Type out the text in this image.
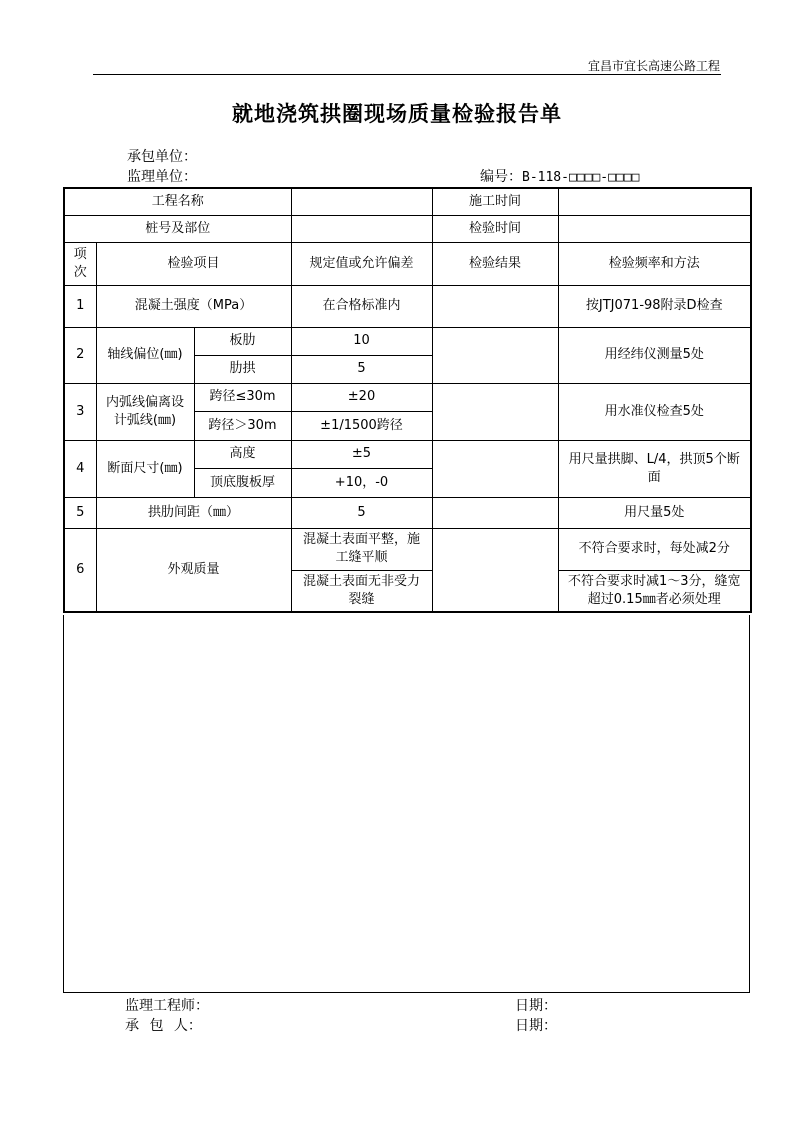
宜昌市宜长高速公路工程
就地浇筑拱圈现场质量检验报告单
承包单位：
监理单位：	编号：B-118-□□□□-□□□□
工程名称				施工时间	
桩号及部位				检验时间	
项次	检验项目		规定值或允许偏差	检验结果	检验频率和方法
1	混凝土强度（MPa）		在合格标准内		按JTJ071-98附录D检查
2	轴线偏位(㎜)	板肋	10		用经纬仪测量5处
		肋拱	5		
3	内弧线偏离设计弧线(㎜)	跨径≤30m	±20		用水准仪检查5处
		跨径＞30m	±1/1500跨径		
4	断面尺寸(㎜)	高度	±5		用尺量拱脚、L/4，拱顶5个断面
		顶底腹板厚	+10，-0		
5	拱肋间距（㎜）		5		用尺量5处
6	外观质量		混凝土表面平整，施工缝平顺		不符合要求时，每处减2分
			混凝土表面无非受力裂缝		不符合要求时减1～3分，缝宽超过0.15㎜者必须处理
监理工程师：
承 包 人：
日期：
日期：
